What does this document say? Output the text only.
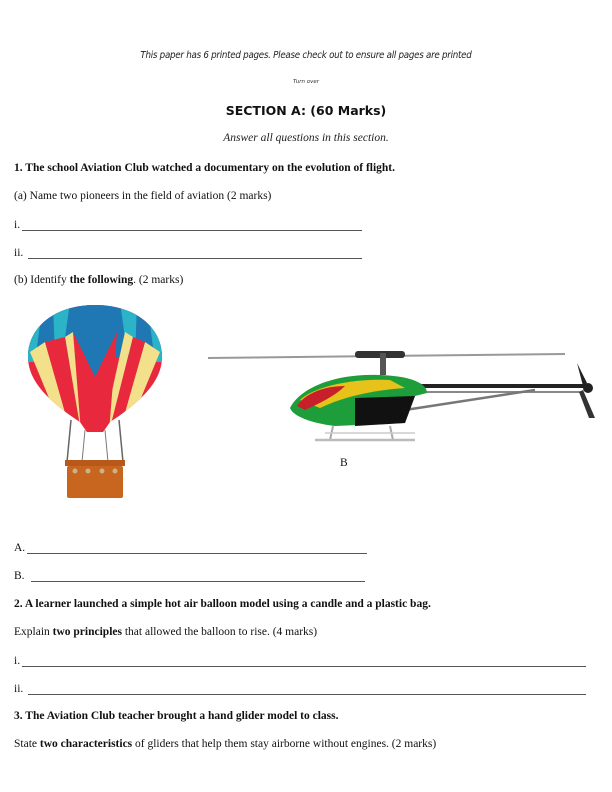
This paper has 6 printed pages. Please check out to ensure all pages are printed
Turn over
SECTION A: (60 Marks)
Answer all questions in this section.
1. The school Aviation Club watched a documentary on the evolution of flight.
(a) Name two pioneers in the field of aviation (2 marks)
i.
ii.
(b) Identify the following. (2 marks)
B
A.
B.
2. A learner launched a simple hot air balloon model using a candle and a plastic bag.
Explain two principles that allowed the balloon to rise. (4 marks)
i.
ii.
3. The Aviation Club teacher brought a hand glider model to class.
State two characteristics of gliders that help them stay airborne without engines. (2 marks)
